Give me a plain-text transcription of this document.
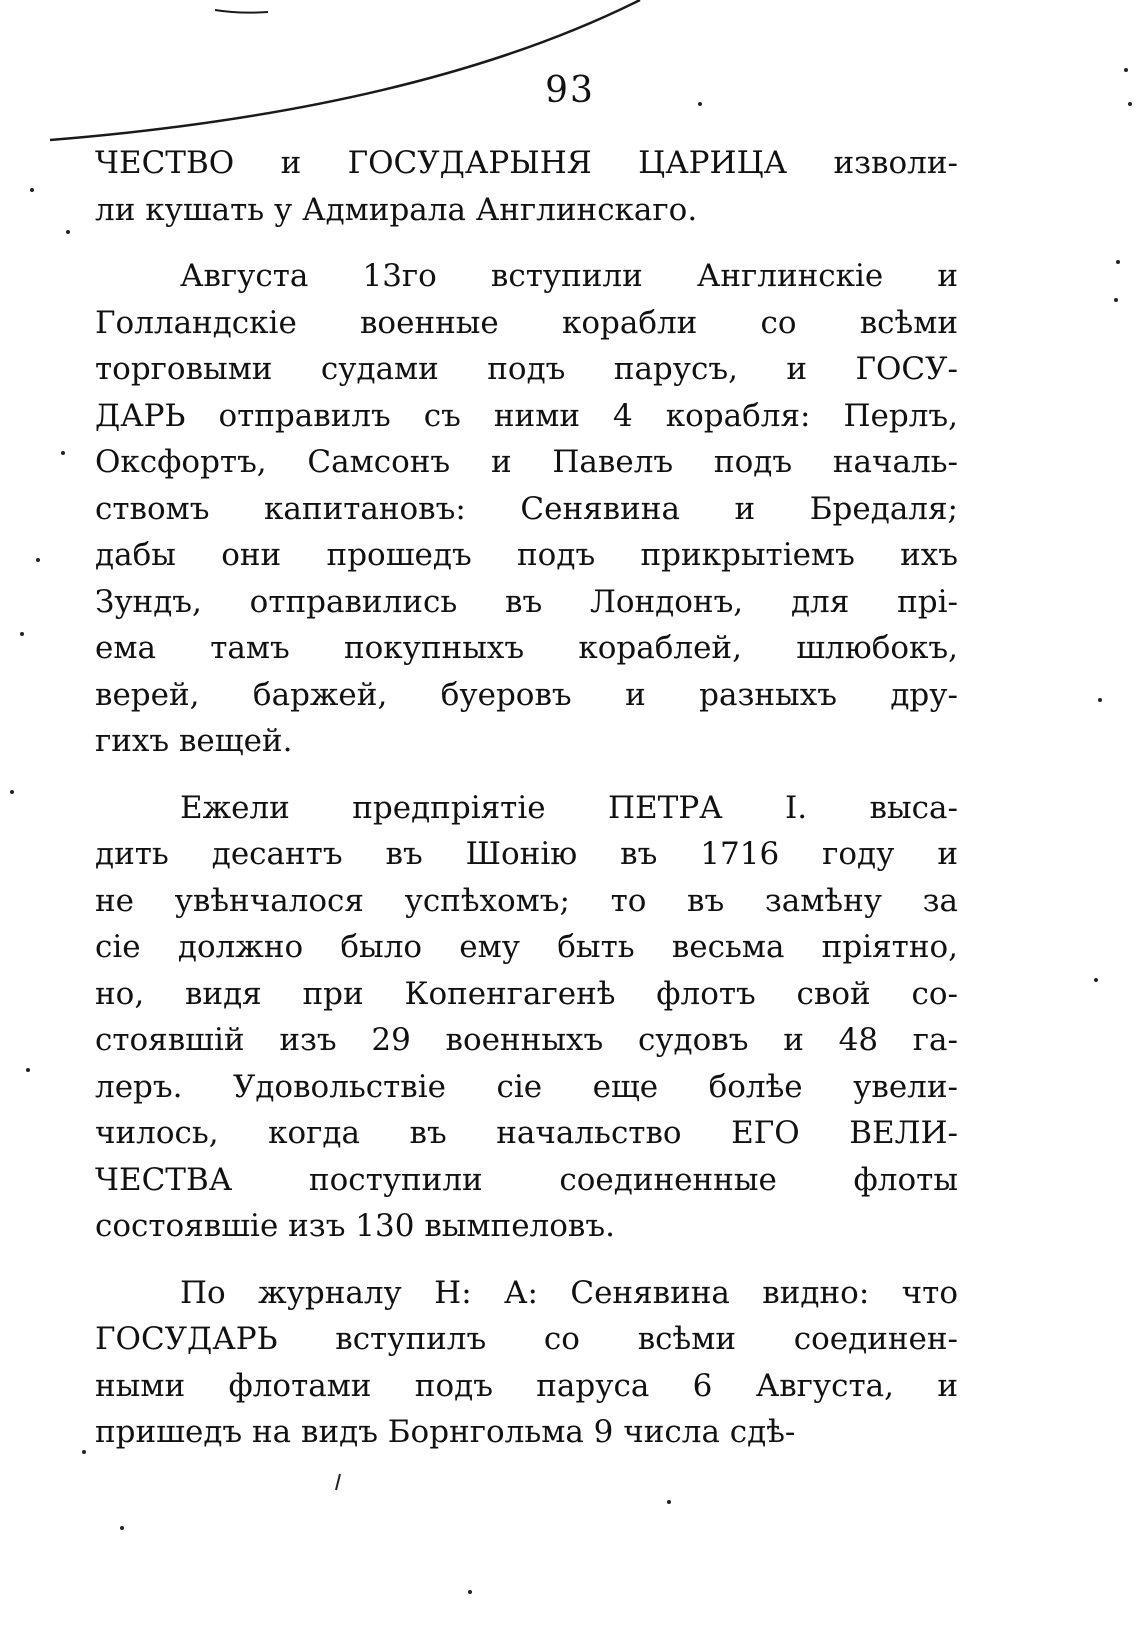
93
ЧЕСТВО и ГОСУДАРЫНЯ ЦАРИЦА изволи-
ли кушать у Адмирала Англинскаго.
Августа 13го вступили Англинскіе и
Голландскіе военные корабли со всѣми
торговыми судами подъ парусъ, и ГОСУ-
ДАРЬ отправилъ съ ними 4 корабля: Перлъ,
Оксфортъ, Самсонъ и Павелъ подъ началь-
ствомъ капитановъ: Сенявина и Бредаля;
дабы они прошедъ подъ прикрытіемъ ихъ
Зундъ, отправились въ Лондонъ, для прі-
ема тамъ покупныхъ кораблей, шлюбокъ,
верей, баржей, буеровъ и разныхъ дру-
гихъ вещей.
Ежели предпріятіе ПЕТРА I. выса-
дить десантъ въ Шонію въ 1716 году и
не увѣнчалося успѣхомъ; то въ замѣну за
сіе должно было ему быть весьма пріятно,
но, видя при Копенгагенѣ флотъ свой со-
стоявшій изъ 29 военныхъ судовъ и 48 га-
леръ. Удовольствіе сіе еще болѣе увели-
чилось, когда въ начальство ЕГО ВЕЛИ-
ЧЕСТВА поступили соединенные флоты
состоявшіе изъ 130 вымпеловъ.
По журналу Н: А: Сенявина видно: что
ГОСУДАРЬ вступилъ со всѣми соединен-
ными флотами подъ паруса 6 Августа, и
пришедъ на видъ Борнгольма 9 числа сдѣ-
